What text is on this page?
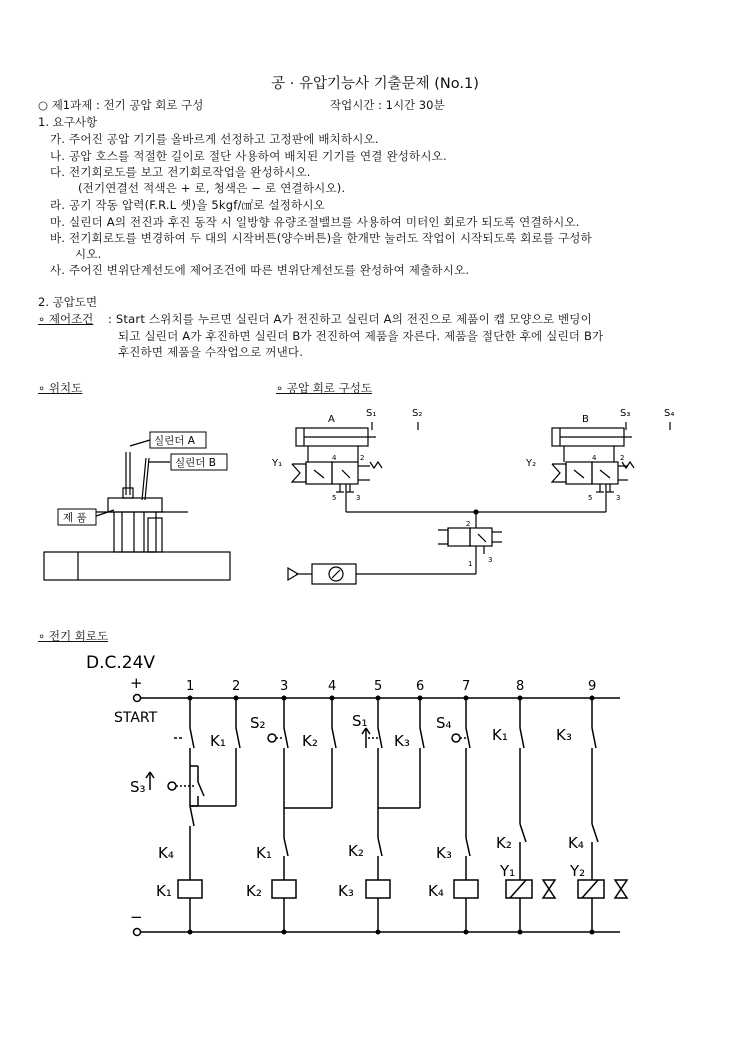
공 · 유압기능사 기출문제 (No.1)
○ 제1과제 : 전기 공압 회로 구성	작업시간 : 1시간 30분
1. 요구사항
가. 주어진 공압 기기를 올바르게 선정하고 고정판에 배치하시오.
나. 공압 호스를 적절한 길이로 절단 사용하여 배치된 기기를 연결 완성하시오.
다. 전기회로도를 보고 전기회로작업을 완성하시오.
(전기연결선 적색은 + 로, 청색은 − 로 연결하시오).
라. 공기 작동 압력(F.R.L 셋)을 5kgf/㎠로 설정하시오
마. 실린더 A의 전진과 후진 동작 시 일방향 유량조절밸브를 사용하여 미터인 회로가 되도록 연결하시오.
바. 전기회로도를 변경하여 두 대의 시작버튼(양수버튼)을 한개만 눌러도 작업이 시작되도록 회로를 구성하
시오.
사. 주어진 변위단계선도에 제어조건에 따른 변위단계선도를 완성하여 제출하시오.
2. 공압도면
∘ 제어조건 : Start 스위치를 누르면 실린더 A가 전진하고 실린더 A의 전진으로 제품이 캡 모양으로 벤딩이
되고 실린더 A가 후진하면 실린더 B가 전진하여 제품을 자른다. 제품을 절단한 후에 실린더 B가
후진하면 제품을 수작업으로 꺼낸다.
∘ 위치도	∘ 공압 회로 구성도
실린더 A
실린더 B
제 품
A	B
S₁	S₂	S₃	S₄
Y₁	Y₂
4	2
5	3
4	2
5	3
2
1 3
∘ 전기 회로도
D.C.24V
+
−
START
1	2	3	4	5	6	7	8	9
K₁
S₂
K₂
S₁
K₃
S₄
K₁	K₃
S₃
K₄	K₁	K₂	K₃
K₂	K₄
K₁	K₂	K₃	K₄
Y₁	Y₂
